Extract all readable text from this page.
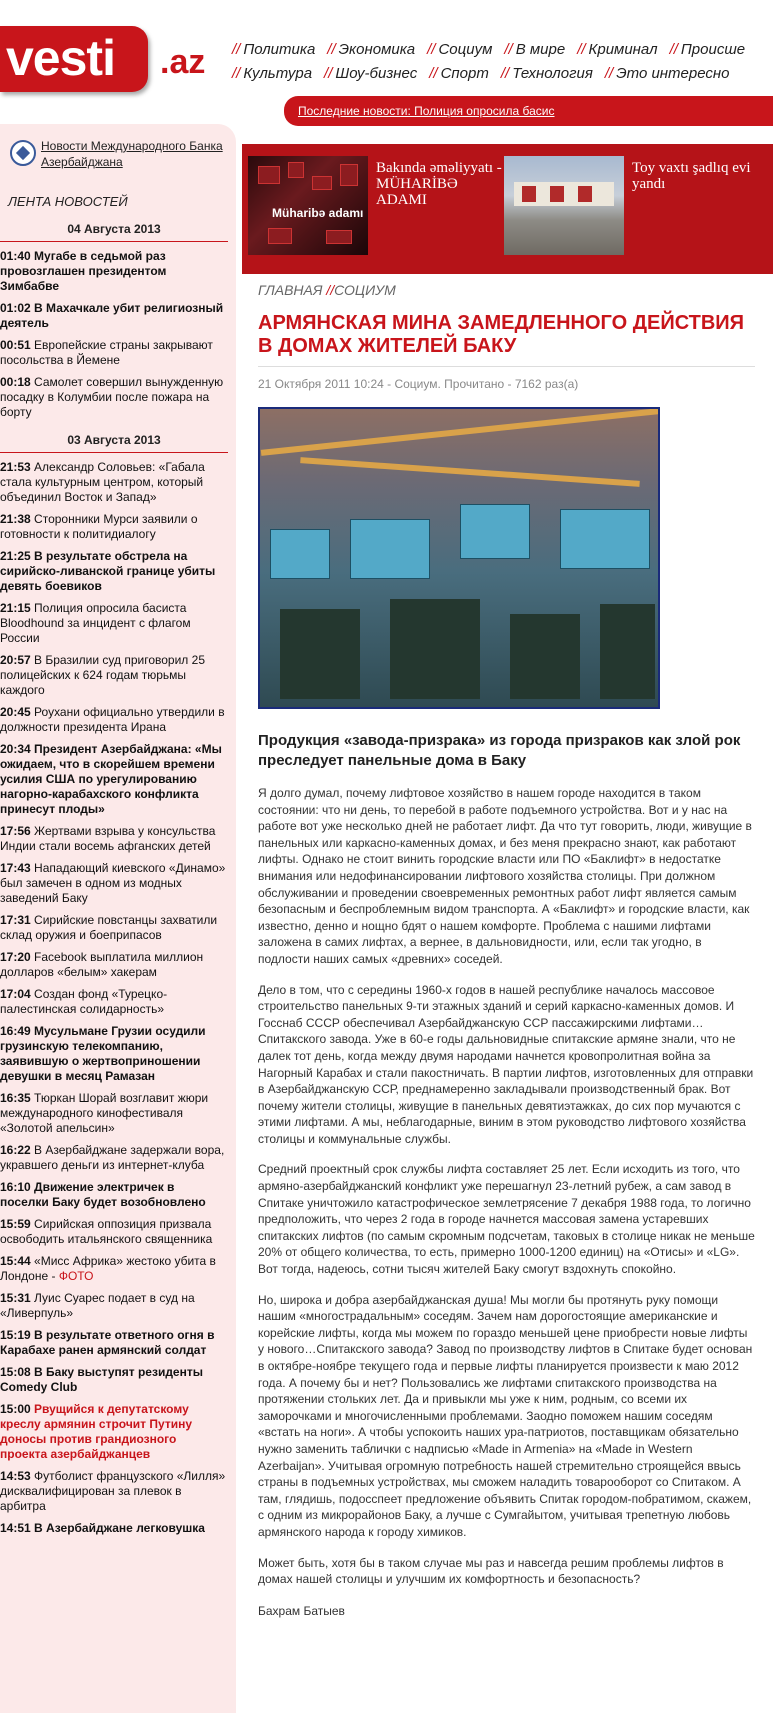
vesti .az // Политика // Экономика // Социум // В мире // Криминал // Происше
// Культура // Шоу-бизнес // Спорт // Технология // Это интересно
Последние новости: Полиция опросила басис
Новости Международного Банка Азербайджана
ЛЕНТА НОВОСТЕЙ
04 Августа 2013
01:40 Мугабе в седьмой раз провозглашен президентом Зимбабве
01:02 В Махачкале убит религиозный деятель
00:51 Европейские страны закрывают посольства в Йемене
00:18 Самолет совершил вынужденную посадку в Колумбии после пожара на борту
03 Августа 2013
21:53 Александр Соловьев: «Габала стала культурным центром, который объединил Восток и Запад»
21:38 Сторонники Мурси заявили о готовности к политидиалогу
21:25 В результате обстрела на сирийско-ливанской границе убиты девять боевиков
21:15 Полиция опросила басиста Bloodhound за инцидент с флагом России
20:57 В Бразилии суд приговорил 25 полицейских к 624 годам тюрьмы каждого
20:45 Роухани официально утвердили в должности президента Ирана
20:34 Президент Азербайджана: «Мы ожидаем, что в скорейшем времени усилия США по урегулированию нагорно-карабахского конфликта принесут плоды»
17:56 Жертвами взрыва у консульства Индии стали восемь афганских детей
17:43 Нападающий киевского «Динамо» был замечен в одном из модных заведений Баку
17:31 Сирийские повстанцы захватили склад оружия и боеприпасов
17:20 Facebook выплатила миллион долларов «белым» хакерам
17:04 Создан фонд «Турецко-палестинская солидарность»
16:49 Мусульмане Грузии осудили грузинскую телекомпанию, заявившую о жертвоприношении девушки в месяц Рамазан
16:35 Тюркан Шорай возглавит жюри международного кинофестиваля «Золотой апельсин»
16:22 В Азербайджане задержали вора, укравшего деньги из интернет-клуба
16:10 Движение электричек в поселки Баку будет возобновлено
15:59 Сирийская оппозиция призвала освободить итальянского священника
15:44 «Мисс Африка» жестоко убита в Лондоне - ФОТО
15:31 Луис Суарес подает в суд на «Ливерпуль»
15:19 В результате ответного огня в Карабахе ранен армянский солдат
15:08 В Баку выступят резиденты Comedy Club
15:00 Рвущийся к депутатскому креслу армянин строчит Путину доносы против грандиозного проекта азербайджанцев
14:53 Футболист французского «Лилля» дисквалифицирован за плевок в арбитра
14:51 В Азербайджане легковушка
Müharibə adamı
Bakında əməliyyatı -MÜHARİBƏ ADAMI
Toy vaxtı şadlıq evi yandı
ГЛАВНАЯ //СОЦИУМ
АРМЯНСКАЯ МИНА ЗАМЕДЛЕННОГО ДЕЙСТВИЯ В ДОМАХ ЖИТЕЛЕЙ БАКУ
21 Октября 2011 10:24 - Социум. Прочитано - 7162 раз(а)
Продукция «завода-призрака» из города призраков как злой рок преследует панельные дома в Баку

Я долго думал, почему лифтовое хозяйство в нашем городе находится в таком состоянии: что ни день, то перебой в работе подъемного устройства. Вот и у нас на работе вот уже несколько дней не работает лифт. Да что тут говорить, люди, живущие в панельных или каркасно-каменных домах, и без меня прекрасно знают, как работают лифты. Однако не стоит винить городские власти или ПО «Баклифт» в недостатке внимания или недофинансировании лифтового хозяйства столицы. При должном обслуживании и проведении своевременных ремонтных работ лифт является самым безопасным и беспроблемным видом транспорта. А «Баклифт» и городские власти, как известно, денно и нощно бдят о нашем комфорте. Проблема с нашими лифтами заложена в самих лифтах, а вернее, в дальновидности, или, если так угодно, в подлости наших самых «древних» соседей.

Дело в том, что с середины 1960-х годов в нашей республике началось массовое строительство панельных 9-ти этажных зданий и серий каркасно-каменных домов. И Госснаб СССР обеспечивал Азербайджанскую ССР пассажирскими лифтами… Спитакского завода. Уже в 60-е годы дальновидные спитакские армяне знали, что не далек тот день, когда между двумя народами начнется кровопролитная война за Нагорный Карабах и стали пакостничать. В партии лифтов, изготовленных для отправки в Азербайджанскую ССР, преднамеренно закладывали производственный брак. Вот почему жители столицы, живущие в панельных девятиэтажках, до сих пор мучаются с этими лифтами. А мы, неблагодарные, виним в этом руководство лифтового хозяйства столицы и коммунальные службы.

Средний проектный срок службы лифта составляет 25 лет. Если исходить из того, что армяно-азербайджанский конфликт уже перешагнул 23-летний рубеж, а сам завод в Спитаке уничтожило катастрофическое землетрясение 7 декабря 1988 года, то логично предположить, что через 2 года в городе начнется массовая замена устаревших спитакских лифтов (по самым скромным подсчетам, таковых в столице никак не меньше 20% от общего количества, то есть, примерно 1000-1200 единиц) на «Отисы» и «LG». Вот тогда, надеюсь, сотни тысяч жителей Баку смогут вздохнуть спокойно.

Но, широка и добра азербайджанская душа! Мы могли бы протянуть руку помощи нашим «многострадальным» соседям. Зачем нам дорогостоящие американские и корейские лифты, когда мы можем по гораздо меньшей цене приобрести новые лифты у нового…Спитакского завода? Завод по производству лифтов в Спитаке будет основан в октябре-ноябре текущего года и первые лифты планируется произвести к маю 2012 года. А почему бы и нет? Пользовались же лифтами спитакского производства на протяжении стольких лет. Да и привыкли мы уже к ним, родным, со всеми их заморочками и многочисленными проблемами. Заодно поможем нашим соседям «встать на ноги». А чтобы успокоить наших ура-патриотов, поставщикам обязательно нужно заменить таблички с надписью «Made in Armenia» на «Made in Western Azerbaijan». Учитывая огромную потребность нашей стремительно строящейся ввысь страны в подъемных устройствах, мы сможем наладить товарооборот со Спитаком. А там, глядишь, подосспеет предложение объявить Спитак городом-побратимом, скажем, с одним из микрорайонов Баку, а лучше с Сумгайытом, учитывая трепетную любовь армянского народа к городу химиков.

Может быть, хотя бы в таком случае мы раз и навсегда решим проблемы лифтов в домах нашей столицы и улучшим их комфортность и безопасность?

Бахрам Батыев
